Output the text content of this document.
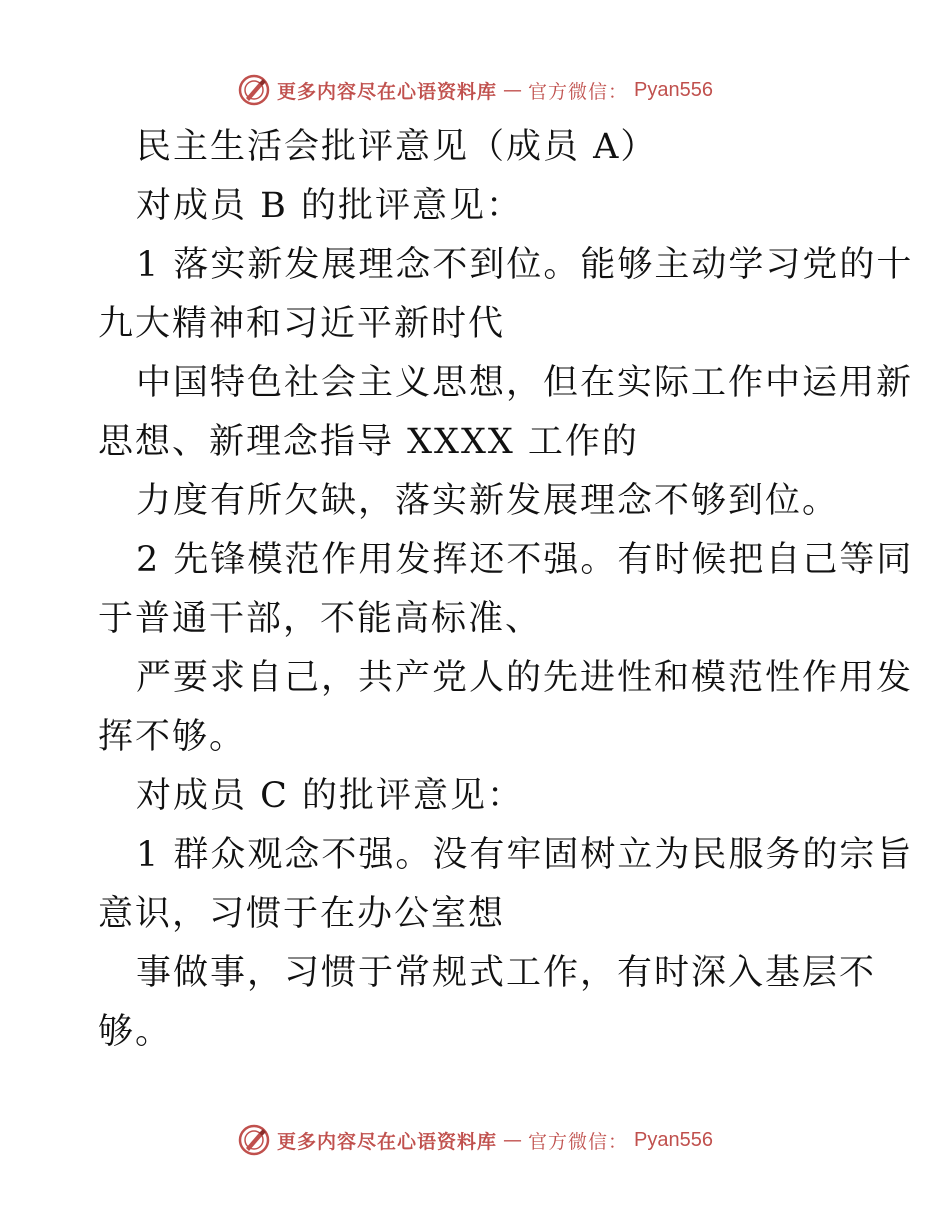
更多内容尽在心语资料库 — 官方微信： Pyan556

民主生活会批评意见（成员 A）

对成员 B 的批评意见：

1 落实新发展理念不到位。能够主动学习党的十

九大精神和习近平新时代

中国特色社会主义思想，但在实际工作中运用新

思想、新理念指导 XXXX 工作的

力度有所欠缺，落实新发展理念不够到位。

2 先锋模范作用发挥还不强。有时候把自己等同

于普通干部，不能高标准、

严要求自己，共产党人的先进性和模范性作用发

挥不够。

对成员 C 的批评意见：

1 群众观念不强。没有牢固树立为民服务的宗旨

意识，习惯于在办公室想

事做事，习惯于常规式工作，有时深入基层不

够。

更多内容尽在心语资料库 — 官方微信： Pyan556
